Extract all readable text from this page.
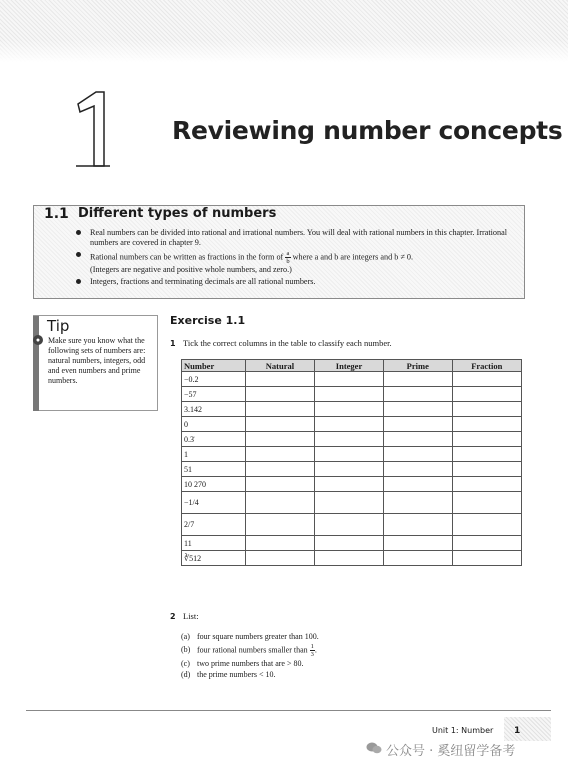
Reviewing number concepts
1.1 Different types of numbers
Real numbers can be divided into rational and irrational numbers. You will deal with rational numbers in this chapter. Irrational numbers are covered in chapter 9.
Rational numbers can be written as fractions in the form of $\frac{a}{b}$ where a and b are integers and b ≠ 0.
(Integers are negative and positive whole numbers, and zero.)
Integers, fractions and terminating decimals are all rational numbers.
Tip
● Make sure you know what the following sets of numbers are: natural numbers, integers, odd and even numbers and prime numbers.
Exercise 1.1
1 Tick the correct columns in the table to classify each number.
Number	Natural	Integer	Prime	Fraction
−0.2				
−57				
3.142				
0				
0.3̇				
1				
51				
10 270				
−1/4				
2/7				
11				
∛512				
2 List:
(a) four square numbers greater than 100.
(b) four rational numbers smaller than $\frac{1}{3}$ .
(c) two prime numbers that are > 80.
(d) the prime numbers < 10.
Unit 1: Number 1
公众号 · 奚纽留学备考
